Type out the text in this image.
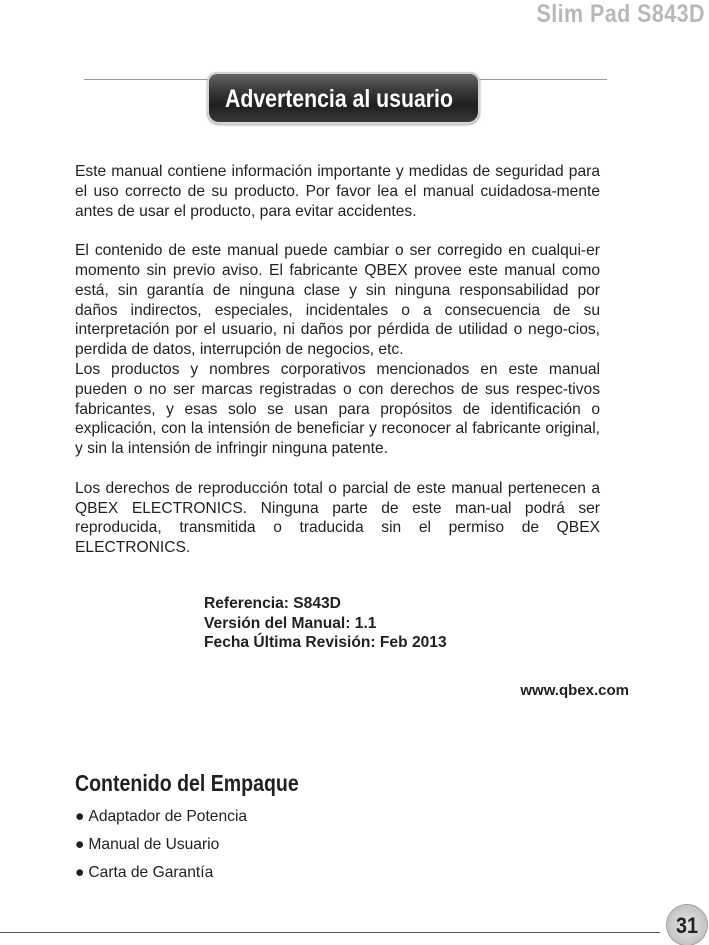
Slim Pad S843D
Advertencia al usuario

Este manual contiene información importante y medidas de seguridad para el uso correcto de su producto. Por favor lea el manual cuidadosa-mente antes de usar el producto, para evitar accidentes.

El contenido de este manual puede cambiar o ser corregido en cualqui-er momento sin previo aviso. El fabricante QBEX provee este manual como está, sin garantía de ninguna clase y sin ninguna responsabilidad por daños indirectos, especiales, incidentales o a consecuencia de su interpretación por el usuario, ni daños por pérdida de utilidad o nego-cios, perdida de datos, interrupción de negocios, etc.

Los productos y nombres corporativos mencionados en este manual pueden o no ser marcas registradas o con derechos de sus respec-tivos fabricantes, y esas solo se usan para propósitos de identificación o explicación, con la intensión de beneficiar y reconocer al fabricante original, y sin la intensión de infringir ninguna patente.

Los derechos de reproducción total o parcial de este manual pertenecen a QBEX ELECTRONICS. Ninguna parte de este man-ual podrá ser reproducida, transmitida o traducida sin el permiso de QBEX ELECTRONICS.

Referencia: S843D
Versión del Manual: 1.1
Fecha Última Revisión: Feb 2013
www.qbex.com
Contenido del Empaque
● Adaptador de Potencia
● Manual de Usuario
● Carta de Garantía
31
